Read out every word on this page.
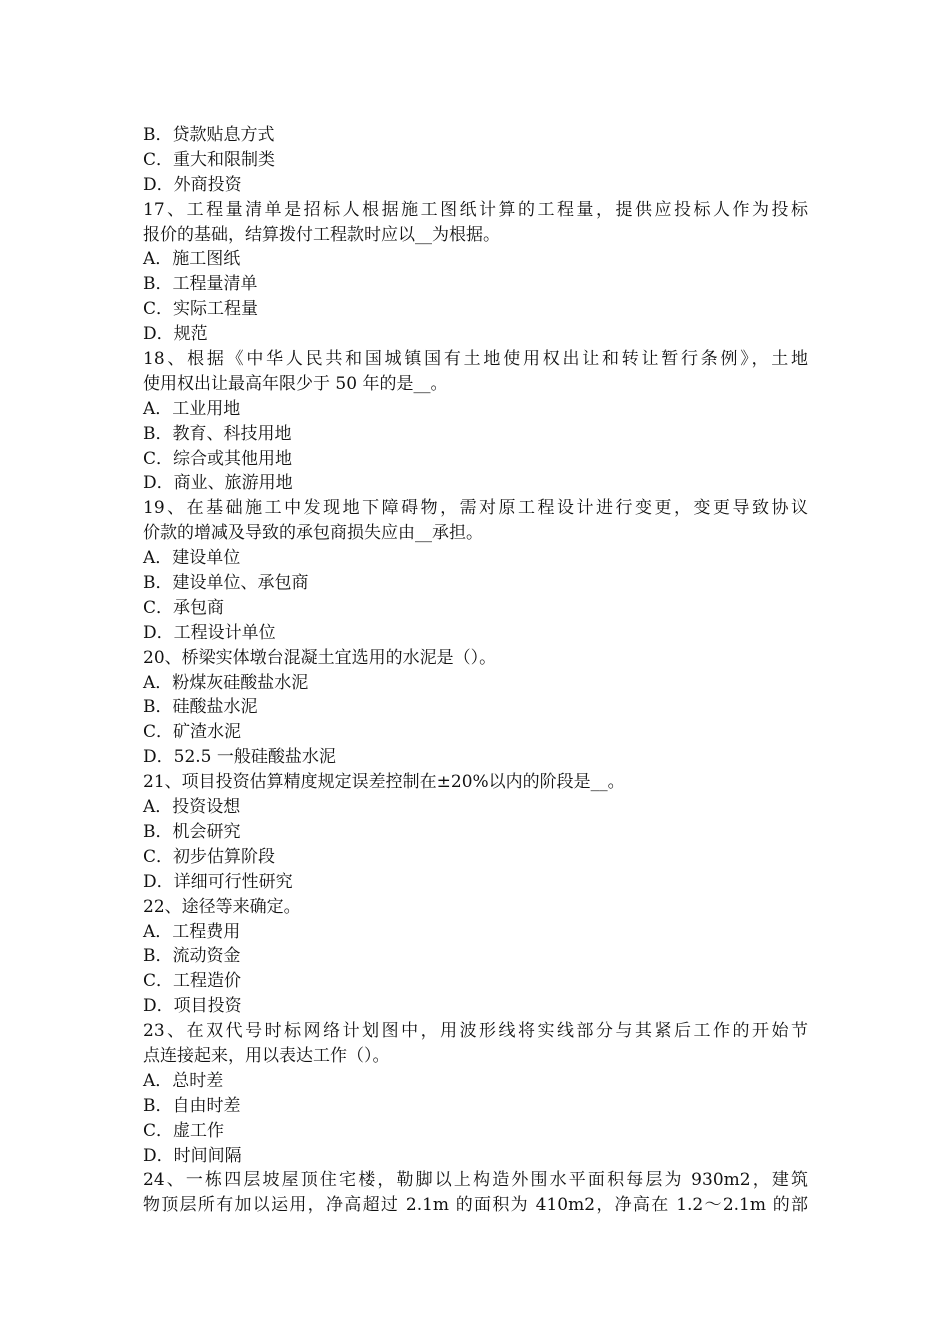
B．贷款贴息方式
C．重大和限制类
D．外商投资
17、工程量清单是招标人根据施工图纸计算的工程量，提供应投标人作为投标
报价的基础，结算拨付工程款时应以__为根据。
A．施工图纸
B．工程量清单
C．实际工程量
D．规范
18、根据《中华人民共和国城镇国有土地使用权出让和转让暂行条例》，土地
使用权出让最高年限少于 50 年的是__。
A．工业用地
B．教育、科技用地
C．综合或其他用地
D．商业、旅游用地
19、在基础施工中发现地下障碍物，需对原工程设计进行变更，变更导致协议
价款的增减及导致的承包商损失应由__承担。
A．建设单位
B．建设单位、承包商
C．承包商
D．工程设计单位
20、桥梁实体墩台混凝土宜选用的水泥是（）。
A．粉煤灰硅酸盐水泥
B．硅酸盐水泥
C．矿渣水泥
D．52.5 一般硅酸盐水泥
21、项目投资估算精度规定误差控制在±20%以内的阶段是__。
A．投资设想
B．机会研究
C．初步估算阶段
D．详细可行性研究
22、途径等来确定。
A．工程费用
B．流动资金
C．工程造价
D．项目投资
23、在双代号时标网络计划图中，用波形线将实线部分与其紧后工作的开始节
点连接起来，用以表达工作（）。
A．总时差
B．自由时差
C．虚工作
D．时间间隔
24、一栋四层坡屋顶住宅楼，勒脚以上构造外围水平面积每层为 930m2，建筑
物顶层所有加以运用，净高超过 2.1m 的面积为 410m2，净高在 1.2～2.1m 的部
